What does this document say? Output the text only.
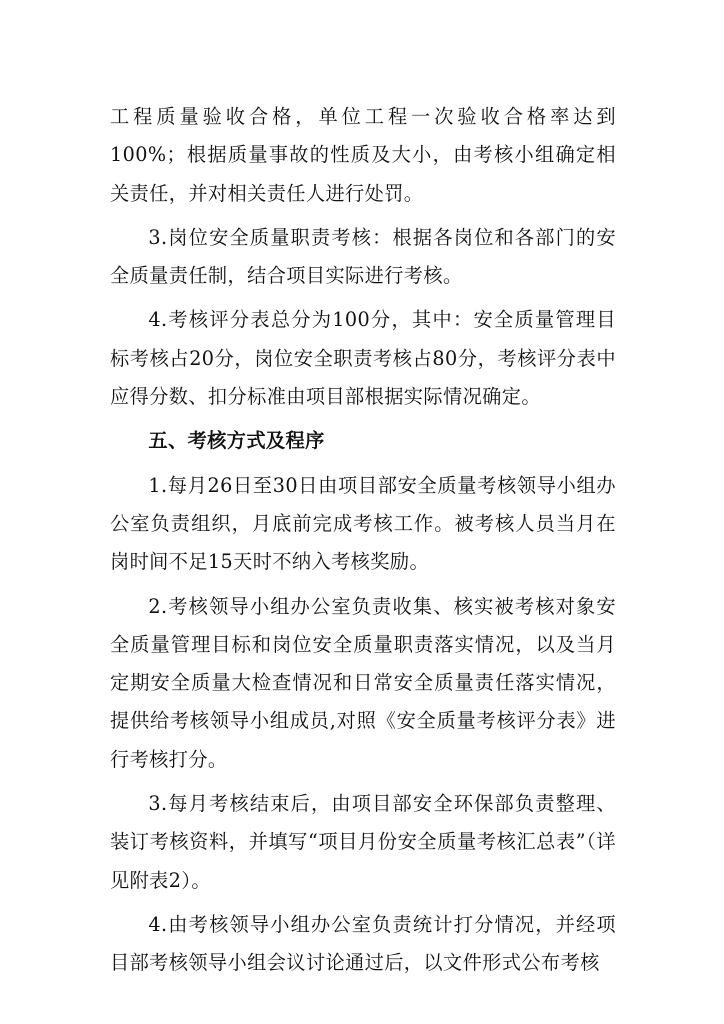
工程质量验收合格，单位工程一次验收合格率达到100%；根据质量事故的性质及大小，由考核小组确定相关责任，并对相关责任人进行处罚。

3.岗位安全质量职责考核：根据各岗位和各部门的安全质量责任制，结合项目实际进行考核。

4.考核评分表总分为100分，其中：安全质量管理目标考核占20分，岗位安全职责考核占80分，考核评分表中应得分数、扣分标准由项目部根据实际情况确定。

五、考核方式及程序

1.每月26日至30日由项目部安全质量考核领导小组办公室负责组织，月底前完成考核工作。被考核人员当月在岗时间不足15天时不纳入考核奖励。

2.考核领导小组办公室负责收集、核实被考核对象安全质量管理目标和岗位安全质量职责落实情况，以及当月定期安全质量大检查情况和日常安全质量责任落实情况，提供给考核领导小组成员,对照《安全质量考核评分表》进行考核打分。

3.每月考核结束后，由项目部安全环保部负责整理、装订考核资料，并填写“项目月份安全质量考核汇总表”（详见附表2）。

4.由考核领导小组办公室负责统计打分情况，并经项目部考核领导小组会议讨论通过后，以文件形式公布考核
